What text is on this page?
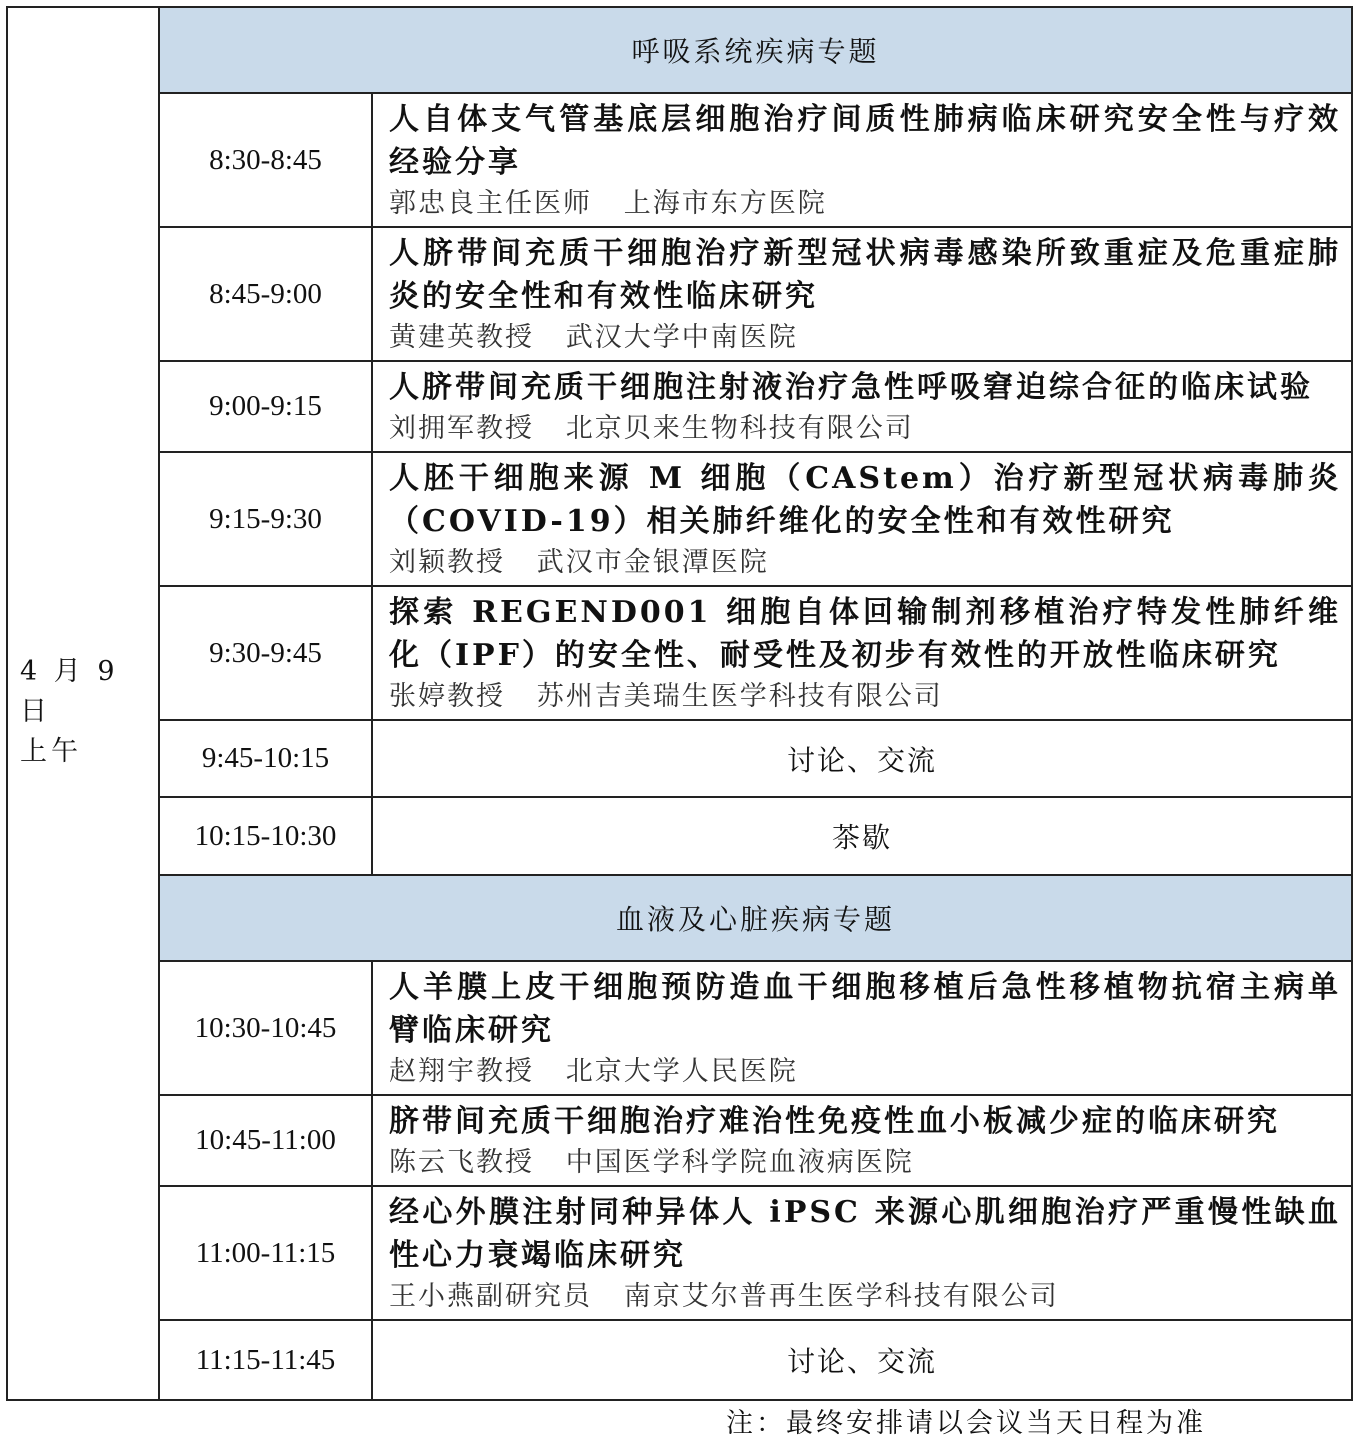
4 月 9 日
上午	呼吸系统疾病专题	
	8:30-8:45	人自体支气管基底层细胞治疗间质性肺病临床研究安全性与疗效经验分享
郭忠良主任医师   上海市东方医院

	8:45-9:00	人脐带间充质干细胞治疗新型冠状病毒感染所致重症及危重症肺炎的安全性和有效性临床研究
黄建英教授   武汉大学中南医院

	9:00-9:15	人脐带间充质干细胞注射液治疗急性呼吸窘迫综合征的临床试验
刘拥军教授   北京贝来生物科技有限公司

	9:15-9:30	人胚干细胞来源 M 细胞（CAStem）治疗新型冠状病毒肺炎（COVID-19）相关肺纤维化的安全性和有效性研究
刘颖教授   武汉市金银潭医院

	9:30-9:45	探索 REGEND001 细胞自体回输制剂移植治疗特发性肺纤维化（IPF）的安全性、耐受性及初步有效性的开放性临床研究
张婷教授   苏州吉美瑞生医学科技有限公司

	9:45-10:15	讨论、交流
	10:15-10:30	茶歇
	血液及心脏疾病专题	
	10:30-10:45	人羊膜上皮干细胞预防造血干细胞移植后急性移植物抗宿主病单臂临床研究
赵翔宇教授   北京大学人民医院

	10:45-11:00	脐带间充质干细胞治疗难治性免疫性血小板减少症的临床研究
陈云飞教授   中国医学科学院血液病医院

	11:00-11:15	经心外膜注射同种异体人 iPSC 来源心肌细胞治疗严重慢性缺血性心力衰竭临床研究
王小燕副研究员   南京艾尔普再生医学科技有限公司

	11:15-11:45	讨论、交流
注：最终安排请以会议当天日程为准
